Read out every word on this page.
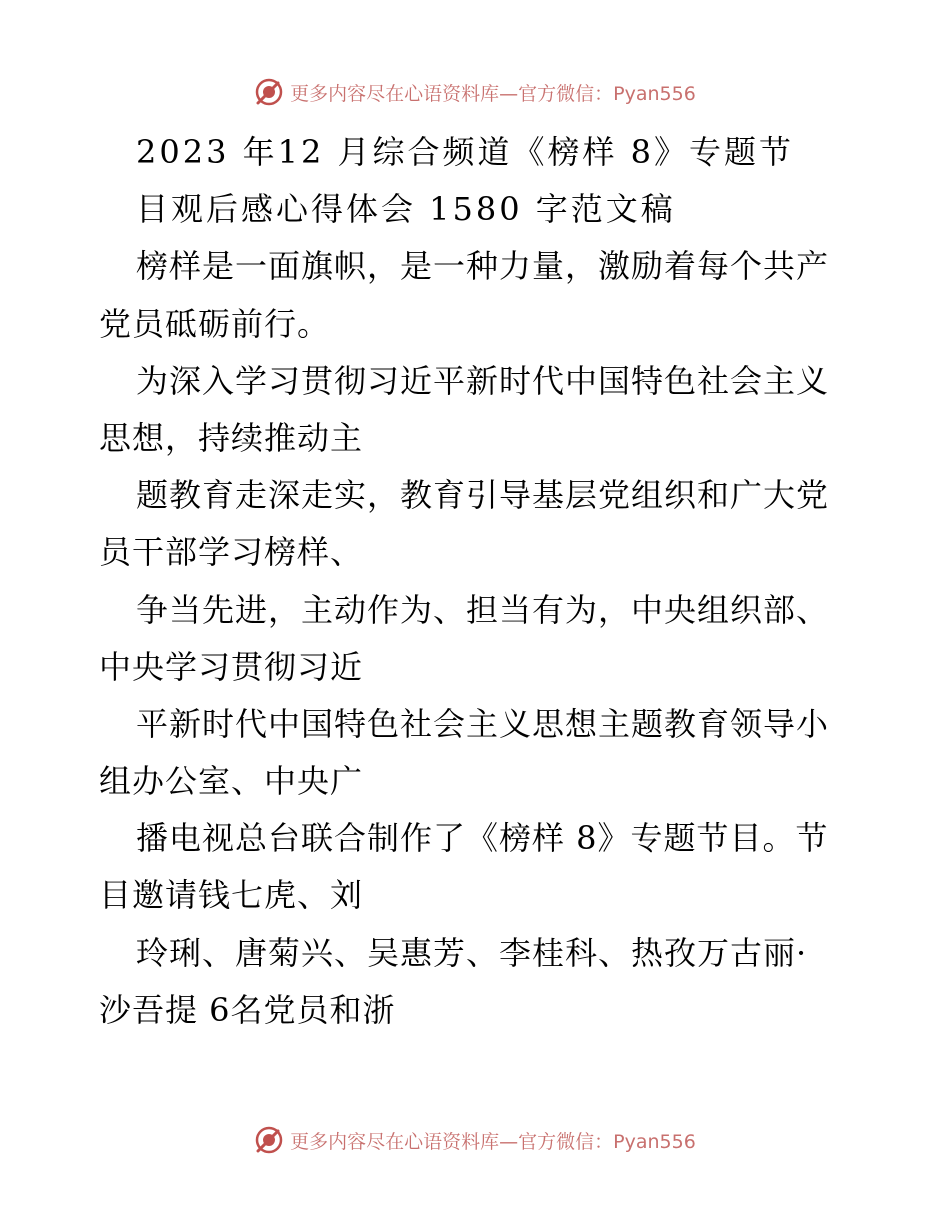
更多内容尽在心语资料库—官方微信：Pyan556
2023 年12 月综合频道《榜样 8》专题节
目观后感心得体会 1580 字范文稿
榜样是一面旗帜，是一种力量，激励着每个共产
党员砥砺前行。
为深入学习贯彻习近平新时代中国特色社会主义
思想，持续推动主
题教育走深走实，教育引导基层党组织和广大党
员干部学习榜样、
争当先进，主动作为、担当有为，中央组织部、
中央学习贯彻习近
平新时代中国特色社会主义思想主题教育领导小
组办公室、中央广
播电视总台联合制作了《榜样 8》专题节目。节
目邀请钱七虎、刘
玲琍、唐菊兴、吴惠芳、李桂科、热孜万古丽·
沙吾提 6名党员和浙
更多内容尽在心语资料库—官方微信：Pyan556
